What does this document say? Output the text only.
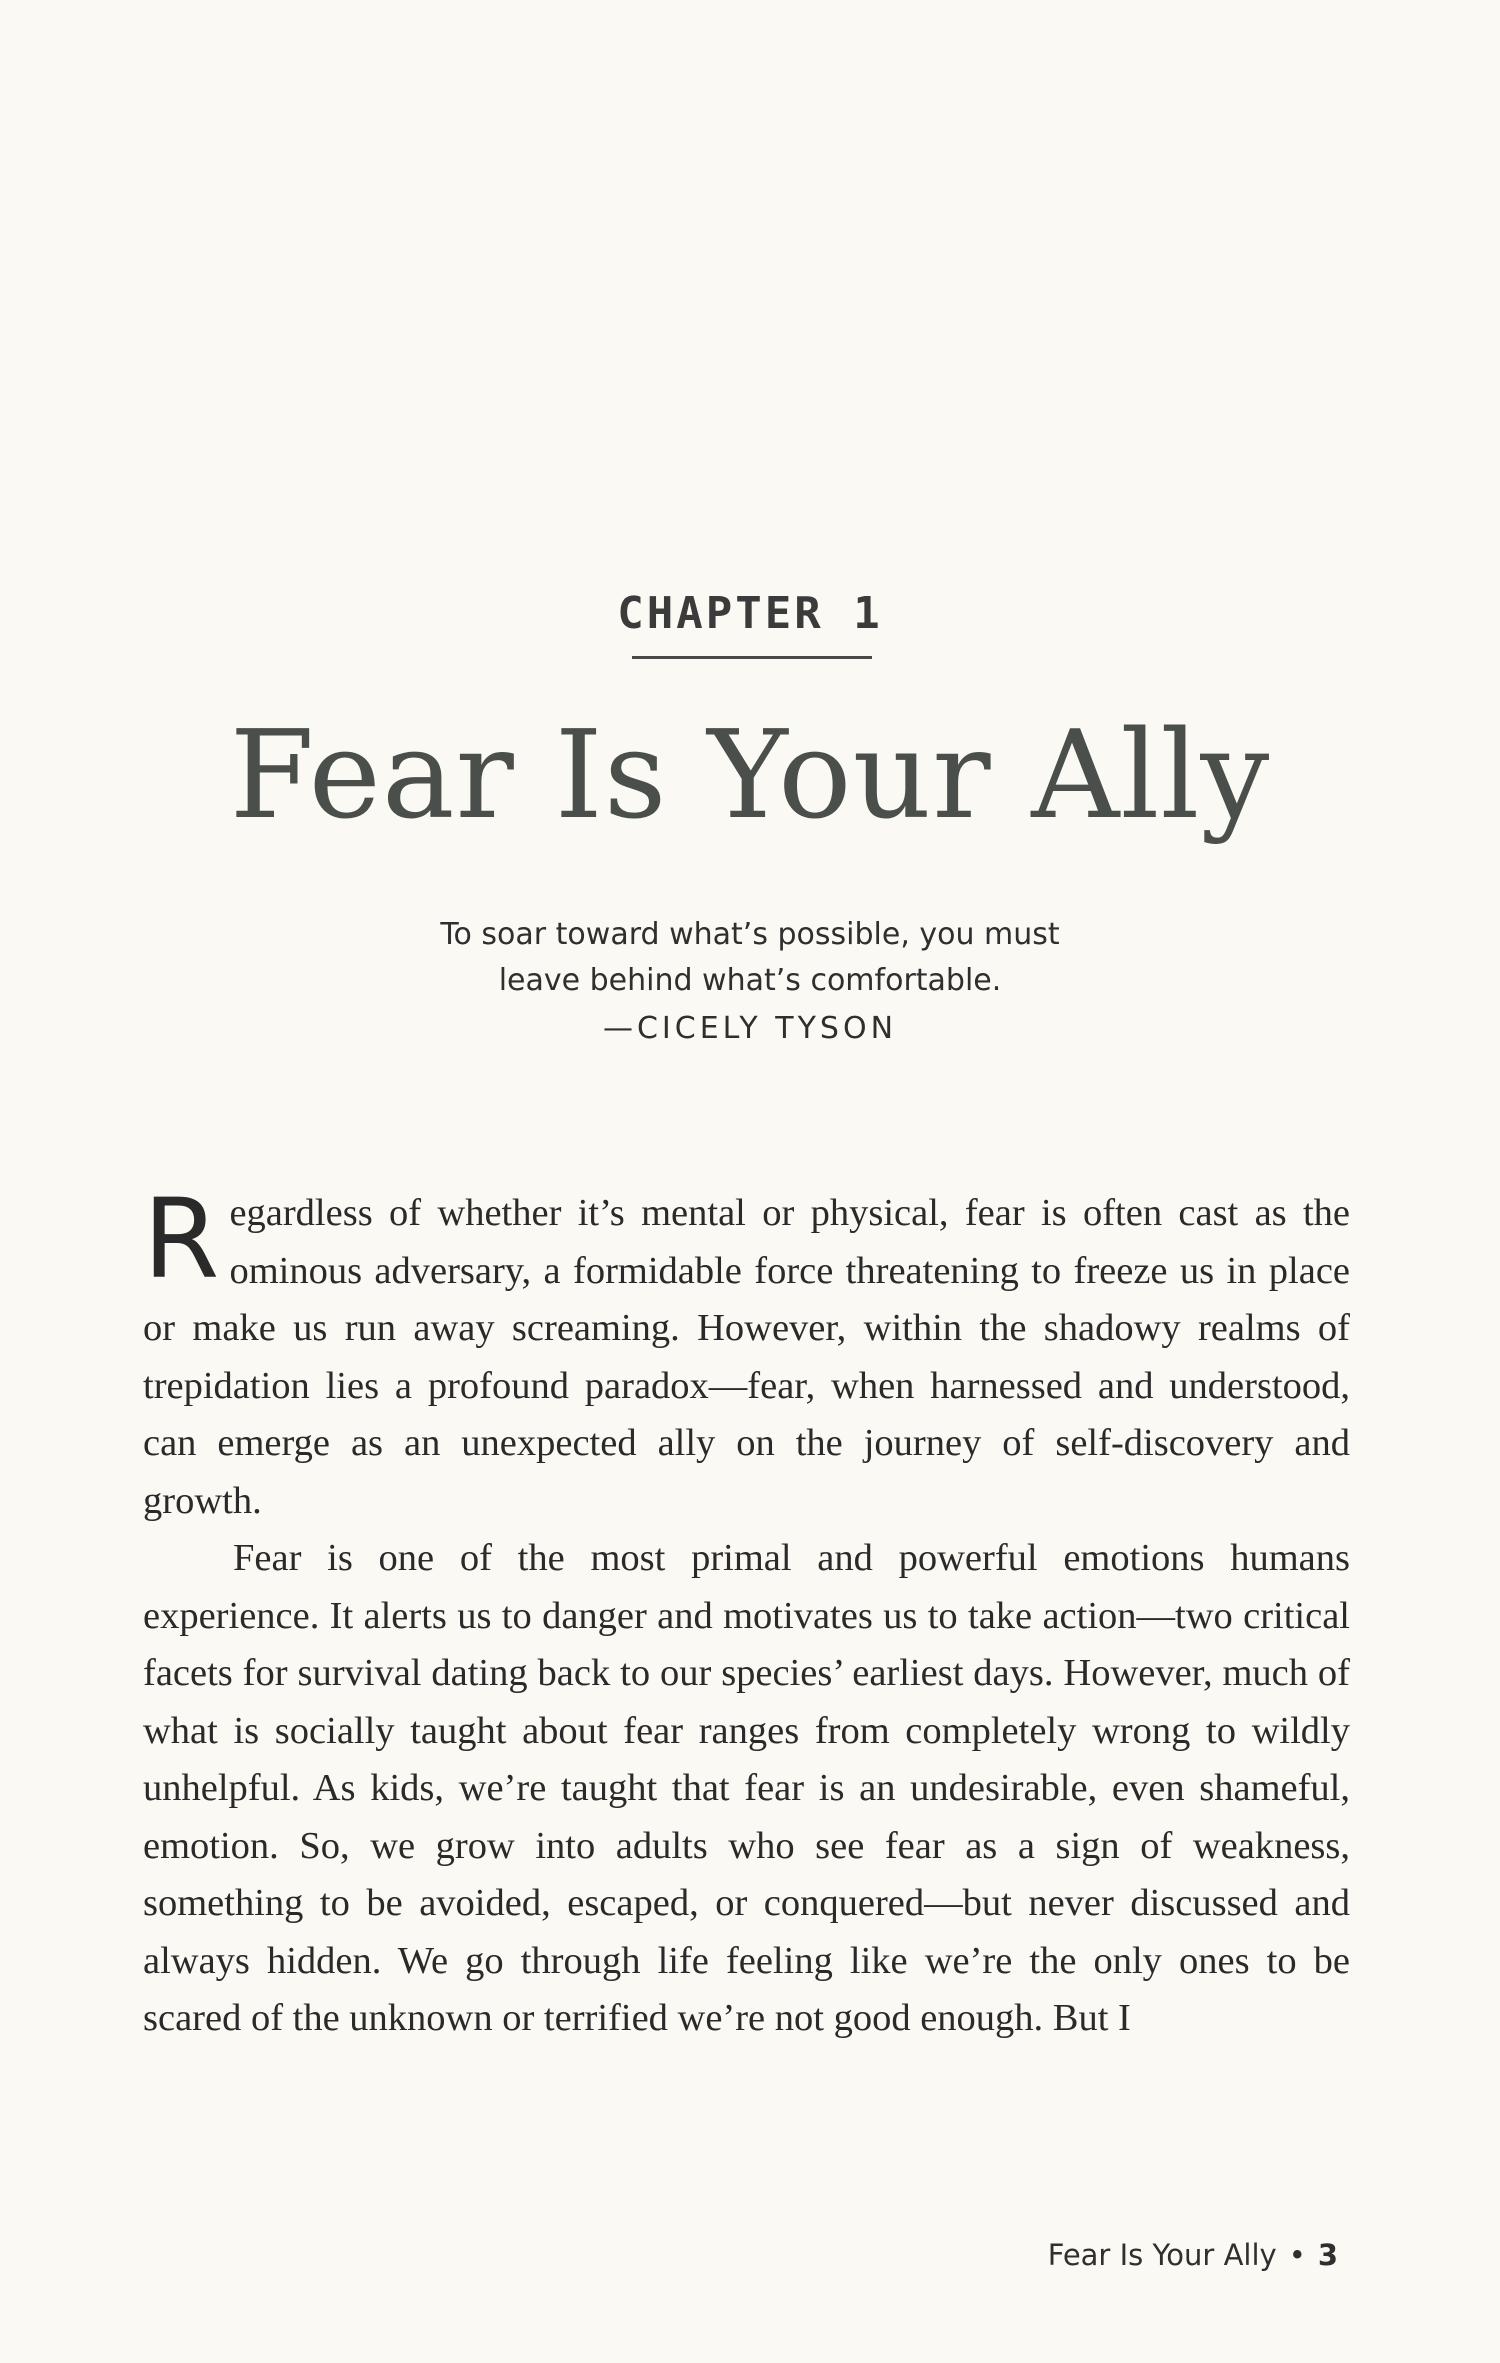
CHAPTER 1
Fear Is Your Ally
To soar toward what’s possible, you must
leave behind what’s comfortable.
—CICELY TYSON

Regardless of whether it’s mental or physical, fear is often cast as the ominous adversary, a formidable force threatening to freeze us in place or make us run away screaming. However, within the shadowy realms of trepidation lies a profound paradox—fear, when harnessed and understood, can emerge as an unexpected ally on the journey of self-discovery and growth.

Fear is one of the most primal and powerful emotions humans experience. It alerts us to danger and motivates us to take action—two critical facets for survival dating back to our species’ earliest days. However, much of what is socially taught about fear ranges from completely wrong to wildly unhelpful. As kids, we’re taught that fear is an undesirable, even shameful, emotion. So, we grow into adults who see fear as a sign of weakness, something to be avoided, escaped, or conquered—but never discussed and always hidden. We go through life feeling like we’re the only ones to be scared of the unknown or terrified we’re not good enough. But I

Fear Is Your Ally • 3
